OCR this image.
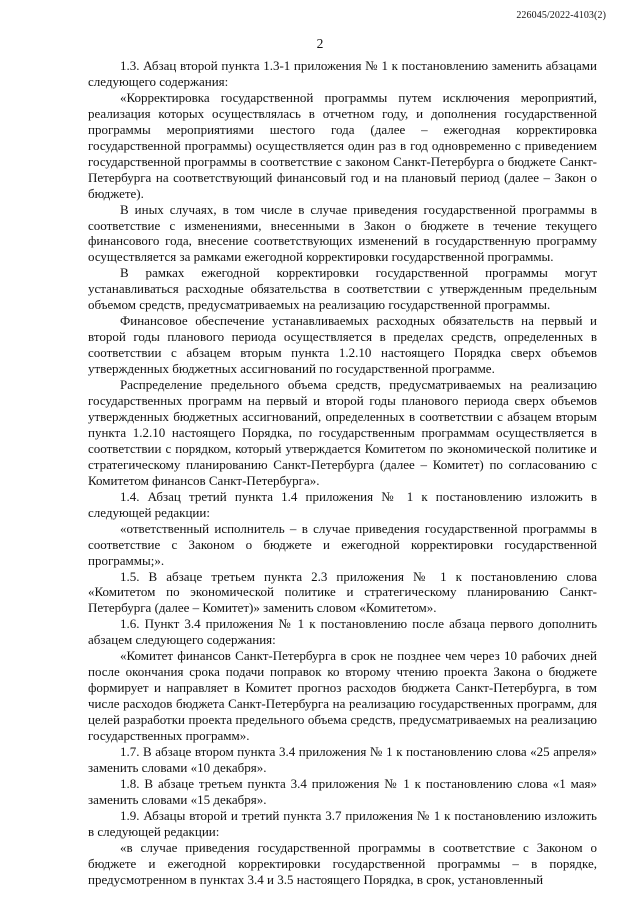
226045/2022-4103(2)
2

1.3. Абзац второй пункта 1.3-1 приложения № 1 к постановлению заменить абзацами следующего содержания:

«Корректировка государственной программы путем исключения мероприятий, реализация которых осуществлялась в отчетном году, и дополнения государственной программы мероприятиями шестого года (далее – ежегодная корректировка государственной программы) осуществляется один раз в год одновременно с приведением государственной программы в соответствие с законом Санкт-Петербурга о бюджете Санкт-Петербурга на соответствующий финансовый год и на плановый период (далее – Закон о бюджете).

В иных случаях, в том числе в случае приведения государственной программы в соответствие с изменениями, внесенными в Закон о бюджете в течение текущего финансового года, внесение соответствующих изменений в государственную программу осуществляется за рамками ежегодной корректировки государственной программы.

В рамках ежегодной корректировки государственной программы могут устанавливаться расходные обязательства в соответствии с утвержденным предельным объемом средств, предусматриваемых на реализацию государственной программы.

Финансовое обеспечение устанавливаемых расходных обязательств на первый и второй годы планового периода осуществляется в пределах средств, определенных в соответствии с абзацем вторым пункта 1.2.10 настоящего Порядка сверх объемов утвержденных бюджетных ассигнований по государственной программе.

Распределение предельного объема средств, предусматриваемых на реализацию государственных программ на первый и второй годы планового периода сверх объемов утвержденных бюджетных ассигнований, определенных в соответствии с абзацем вторым пункта 1.2.10 настоящего Порядка, по государственным программам осуществляется в соответствии с порядком, который утверждается Комитетом по экономической политике и стратегическому планированию Санкт-Петербурга (далее – Комитет) по согласованию с Комитетом финансов Санкт-Петербурга».

1.4. Абзац третий пункта 1.4 приложения № 1 к постановлению изложить в следующей редакции:

«ответственный исполнитель – в случае приведения государственной программы в соответствие с Законом о бюджете и ежегодной корректировки государственной программы;».

1.5. В абзаце третьем пункта 2.3 приложения № 1 к постановлению слова «Комитетом по экономической политике и стратегическому планированию Санкт-Петербурга (далее – Комитет)» заменить словом «Комитетом».

1.6. Пункт 3.4 приложения № 1 к постановлению после абзаца первого дополнить абзацем следующего содержания:

«Комитет финансов Санкт-Петербурга в срок не позднее чем через 10 рабочих дней после окончания срока подачи поправок ко второму чтению проекта Закона о бюджете формирует и направляет в Комитет прогноз расходов бюджета Санкт-Петербурга, в том числе расходов бюджета Санкт-Петербурга на реализацию государственных программ, для целей разработки проекта предельного объема средств, предусматриваемых на реализацию государственных программ».

1.7. В абзаце втором пункта 3.4 приложения № 1 к постановлению слова «25 апреля» заменить словами «10 декабря».

1.8. В абзаце третьем пункта 3.4 приложения № 1 к постановлению слова «1 мая» заменить словами «15 декабря».

1.9. Абзацы второй и третий пункта 3.7 приложения № 1 к постановлению изложить в следующей редакции:

«в случае приведения государственной программы в соответствие с Законом о бюджете и ежегодной корректировки государственной программы – в порядке, предусмотренном в пунктах 3.4 и 3.5 настоящего Порядка, в срок, установленный
